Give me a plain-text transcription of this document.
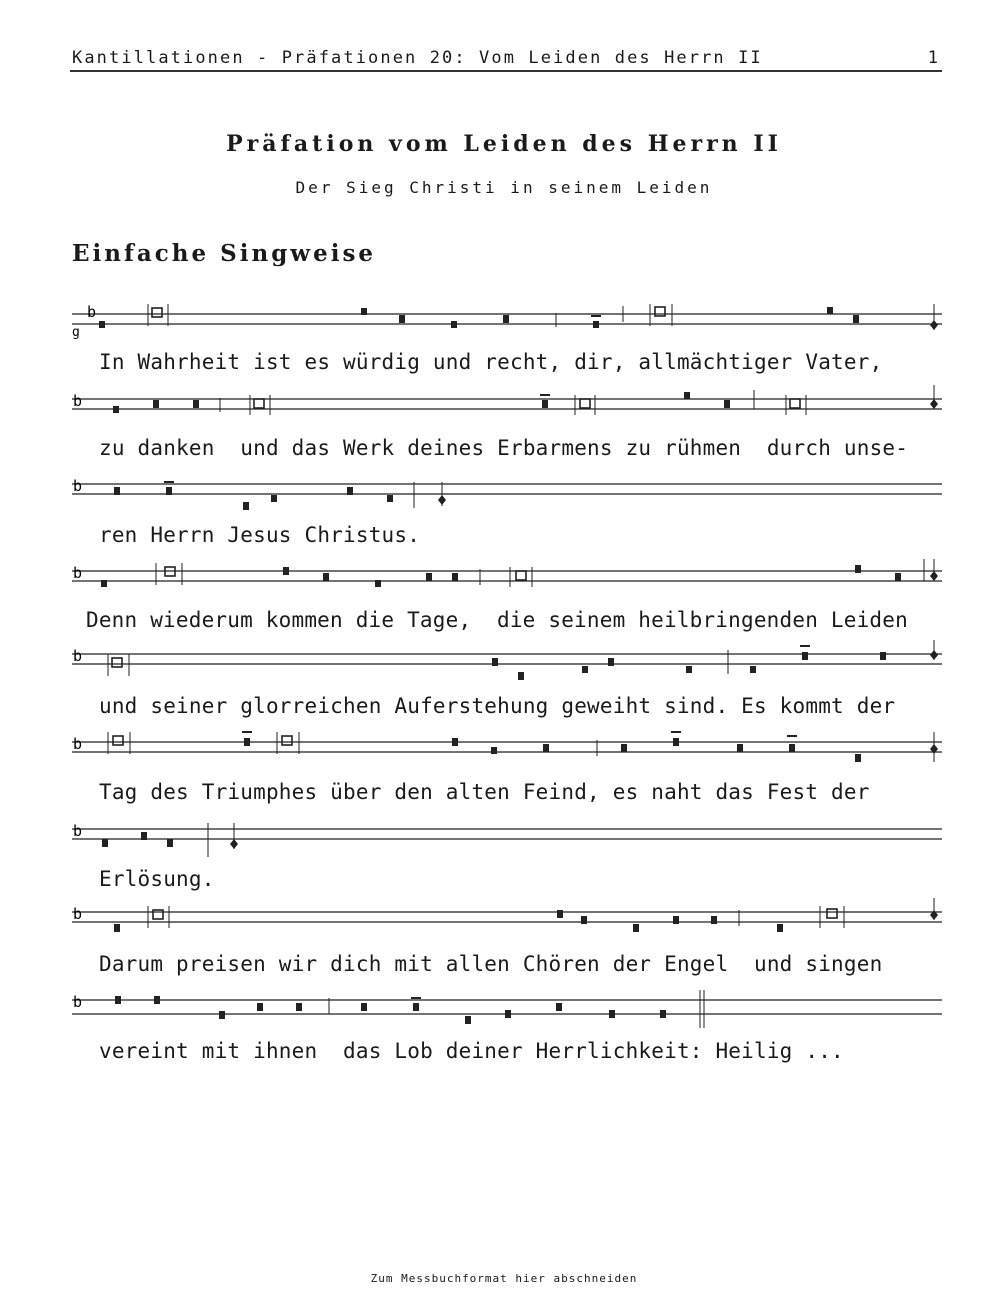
Kantillationen - Präfationen 20: Vom Leiden des Herrn II	1
Präfation vom Leiden des Herrn II
Der Sieg Christi in seinem Leiden
Einfache Singweise
b
g
In Wahrheit ist es würdig und recht, dir, allmächtiger Vater,
b
zu danken  und das Werk deines Erbarmens zu rühmen  durch unse-
b
ren Herrn Jesus Christus.
b
Denn wiederum kommen die Tage,  die seinem heilbringenden Leiden
b
und seiner glorreichen Auferstehung geweiht sind. Es kommt der
b
Tag des Triumphes über den alten Feind, es naht das Fest der
b
Erlösung.
b
Darum preisen wir dich mit allen Chören der Engel  und singen
b
vereint mit ihnen  das Lob deiner Herrlichkeit: Heilig ...
Zum Messbuchformat hier abschneiden
